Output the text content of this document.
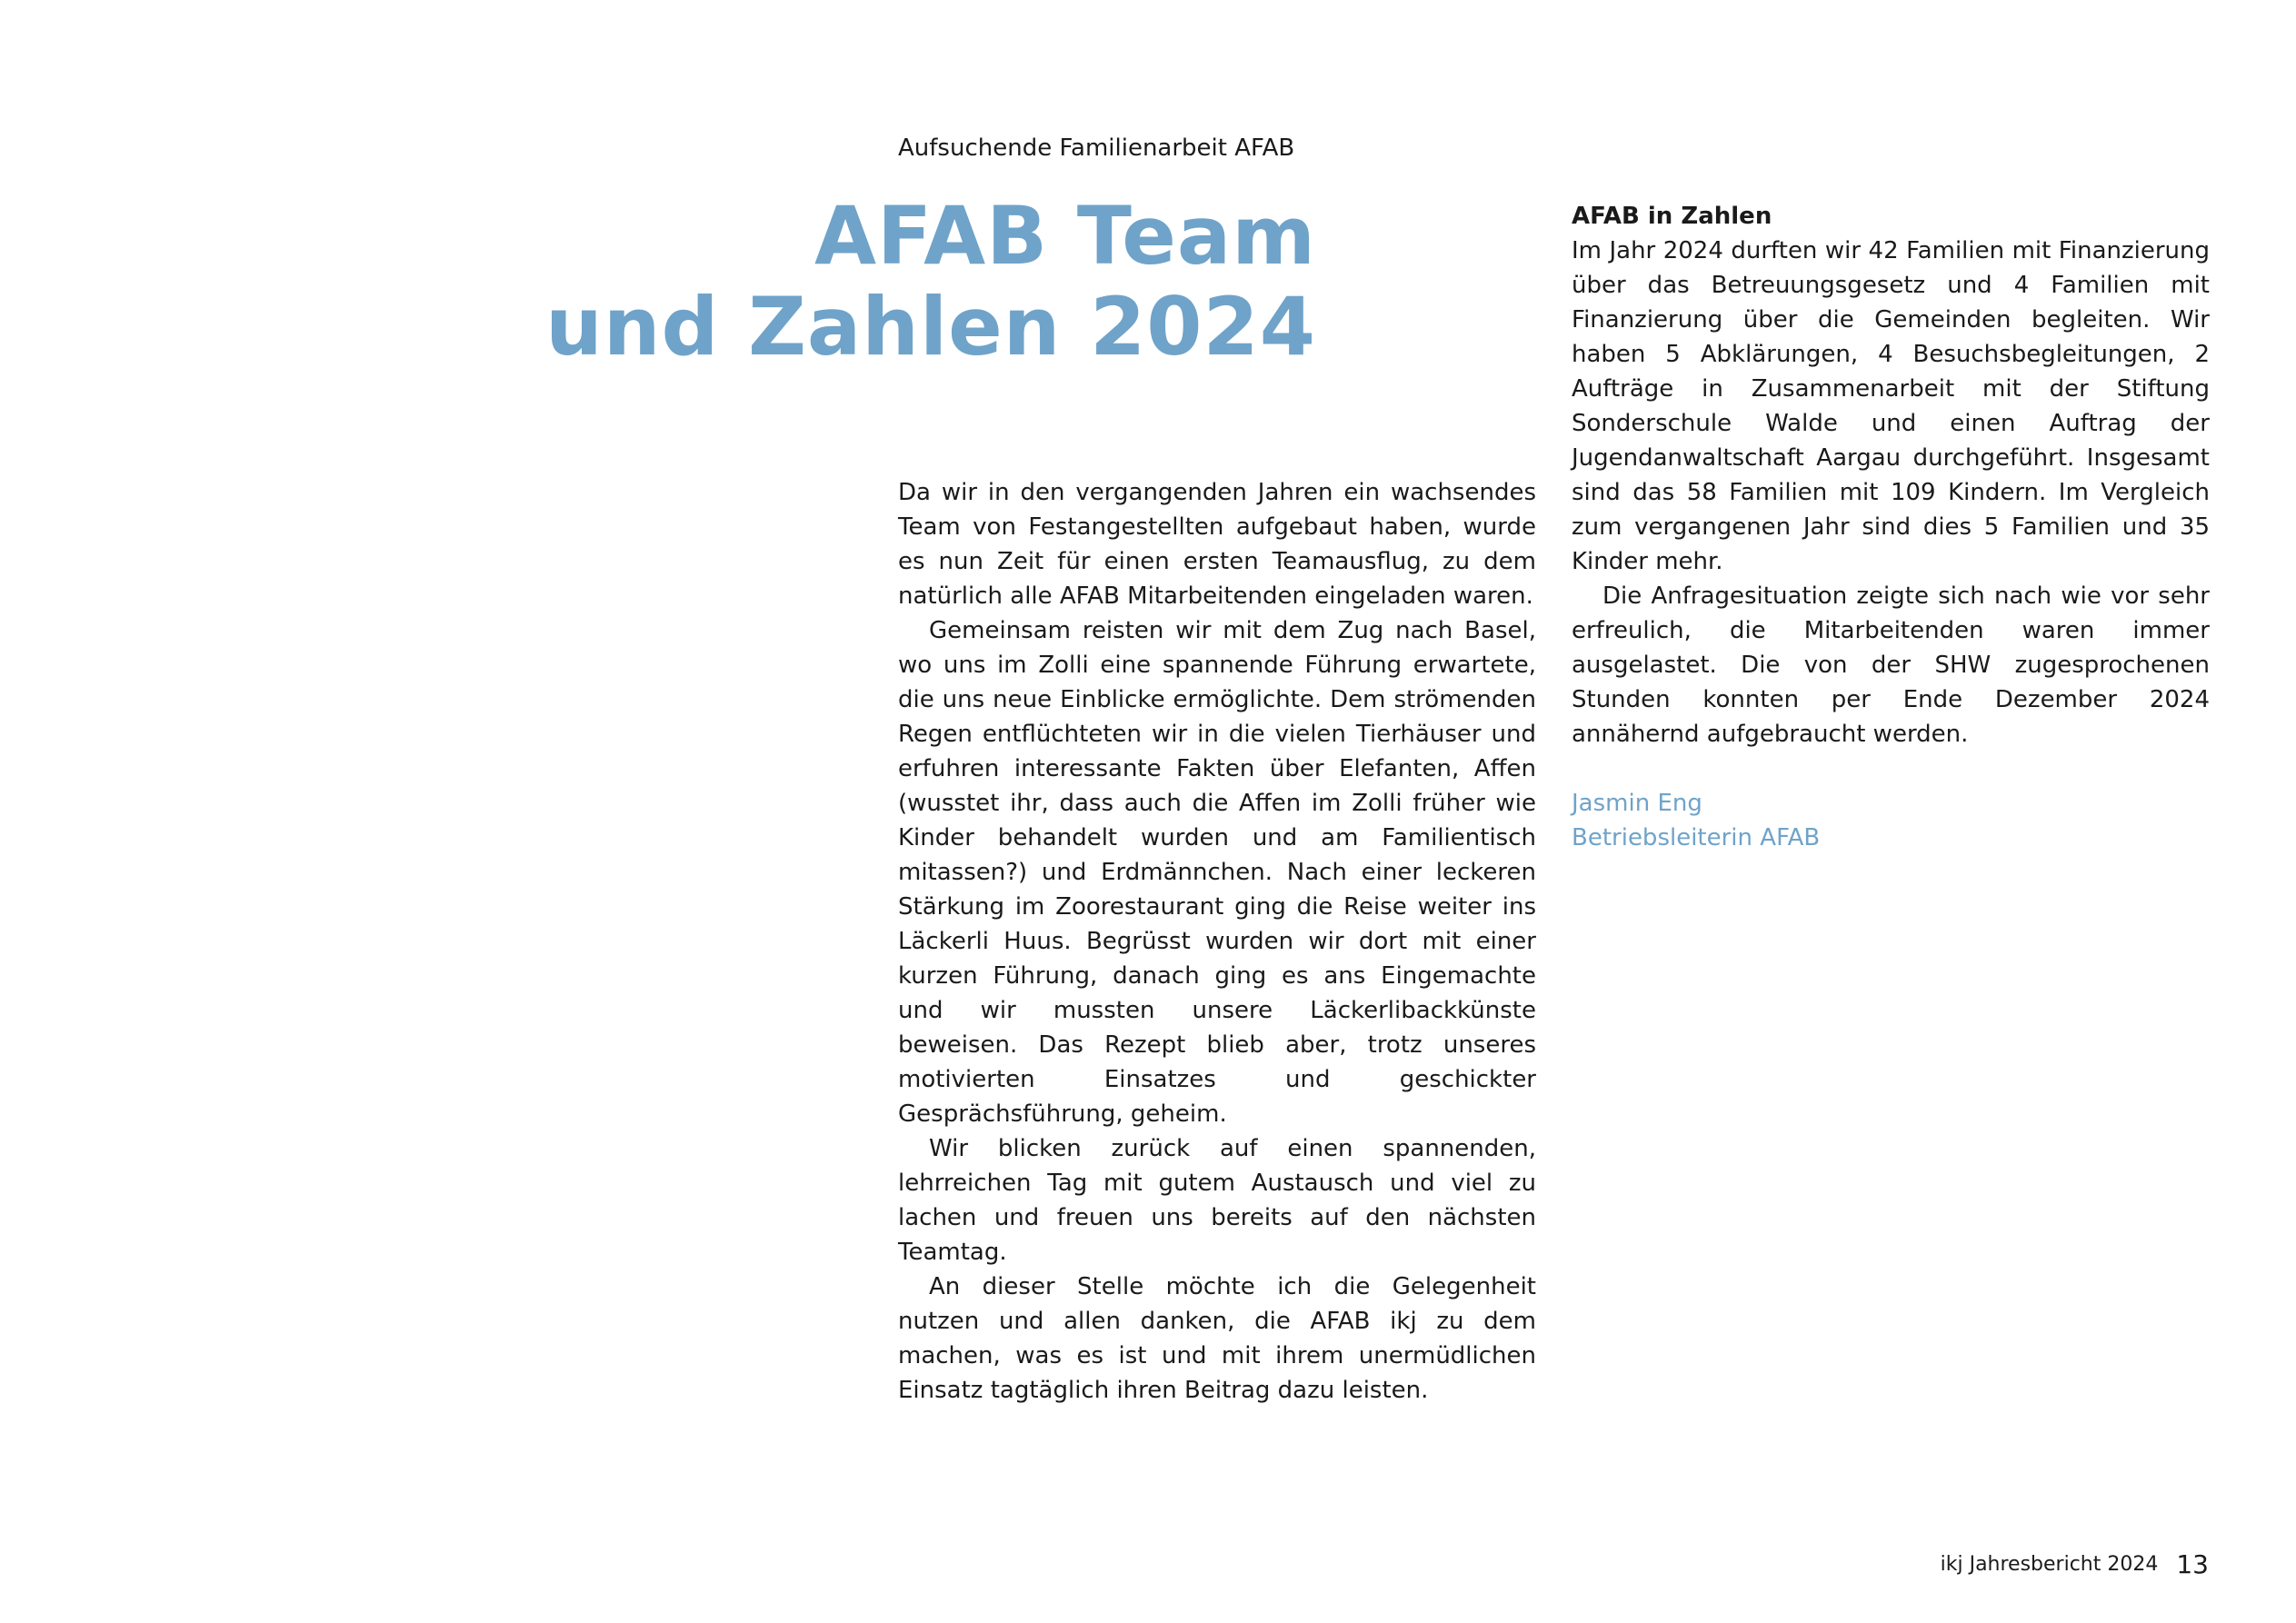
Aufsuchende Familienarbeit AFAB
AFAB Team
und Zahlen 2024

Da wir in den vergangenden Jahren ein wachsendes Team von Festangestellten aufgebaut haben, wurde es nun Zeit für einen ersten Teamausflug, zu dem natürlich alle AFAB Mitarbeitenden eingeladen waren.

Gemeinsam reisten wir mit dem Zug nach Basel, wo uns im Zolli eine spannende Führung erwartete, die uns neue Einblicke ermöglichte. Dem strömenden Regen entflüchteten wir in die vielen Tierhäuser und erfuhren interessante Fakten über Elefanten, Affen (wusstet ihr, dass auch die Affen im Zolli früher wie Kinder behandelt wurden und am Familientisch mitassen?) und Erdmännchen. Nach einer leckeren Stärkung im Zoorestaurant ging die Reise weiter ins Läckerli Huus. Begrüsst wurden wir dort mit einer kurzen Führung, danach ging es ans Eingemachte und wir mussten unsere Läckerlibackkünste beweisen. Das Rezept blieb aber, trotz unseres motivierten Einsatzes und geschickter Gesprächsführung, geheim.

Wir blicken zurück auf einen spannenden, lehrreichen Tag mit gutem Austausch und viel zu lachen und freuen uns bereits auf den nächsten Teamtag.

An dieser Stelle möchte ich die Gelegenheit nutzen und allen danken, die AFAB ikj zu dem machen, was es ist und mit ihrem unermüdlichen Einsatz tagtäglich ihren Beitrag dazu leisten.

AFAB in Zahlen

Im Jahr 2024 durften wir 42 Familien mit Finanzierung über das Betreuungsgesetz und 4 Familien mit Finanzierung über die Gemeinden begleiten. Wir haben 5 Abklärungen, 4 Besuchsbegleitungen, 2 Aufträge in Zusammenarbeit mit der Stiftung Sonderschule Walde und einen Auftrag der Jugendanwaltschaft Aargau durchgeführt. Insgesamt sind das 58 Familien mit 109 Kindern. Im Vergleich zum vergangenen Jahr sind dies 5 Familien und 35 Kinder mehr.

Die Anfragesituation zeigte sich nach wie vor sehr erfreulich, die Mitarbeitenden waren immer ausgelastet. Die von der SHW zugesprochenen Stunden konnten per Ende Dezember 2024 annähernd aufgebraucht werden.

Jasmin Eng
Betriebsleiterin AFAB

ikj Jahresbericht 2024 13
